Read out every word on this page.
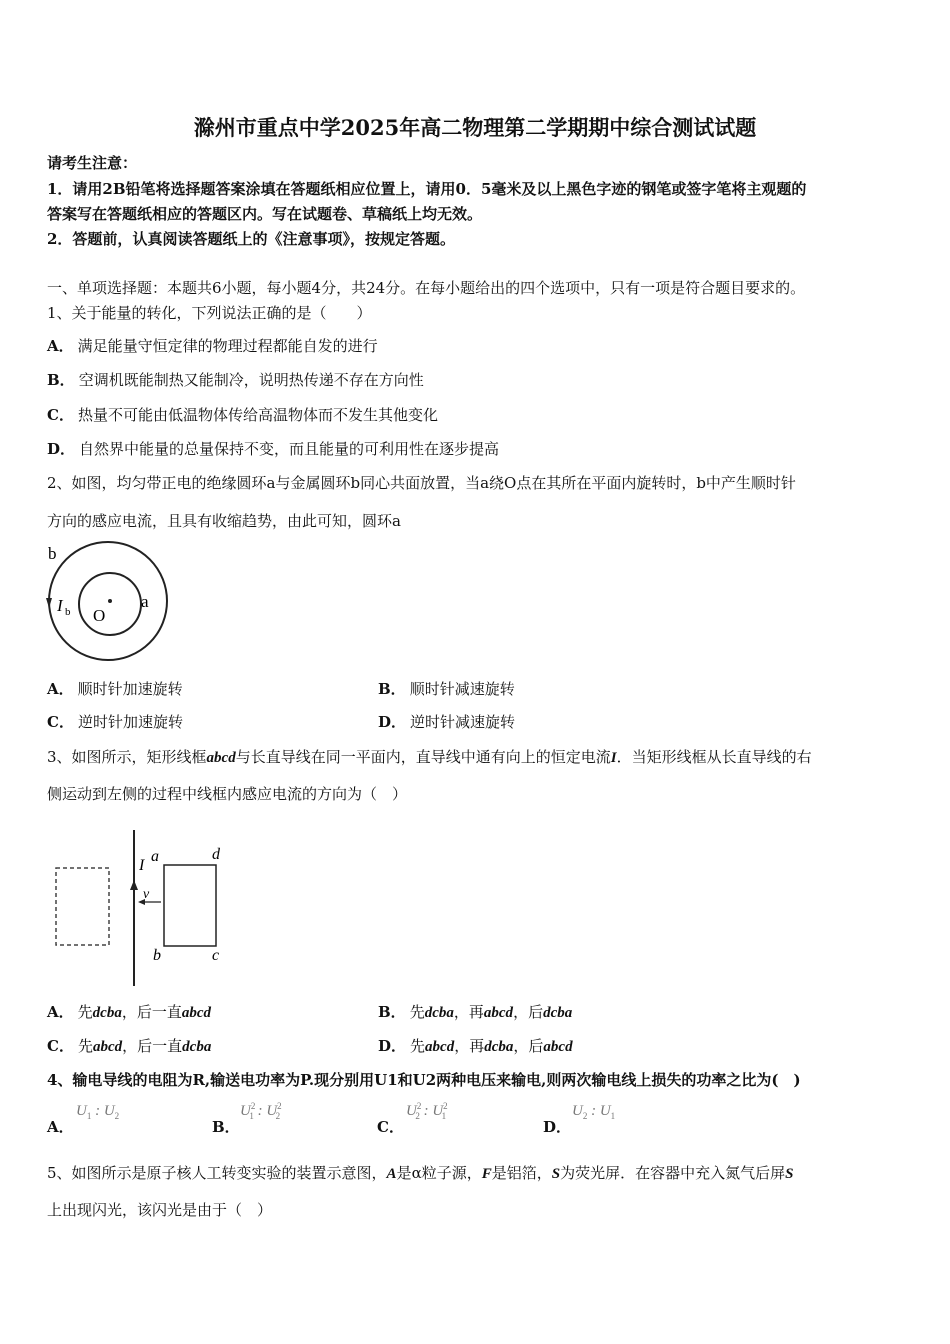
滁州市重点中学2025年高二物理第二学期期中综合测试试题
请考生注意：
1．请用2B铅笔将选择题答案涂填在答题纸相应位置上，请用0．5毫米及以上黑色字迹的钢笔或签字笔将主观题的
答案写在答题纸相应的答题区内。写在试题卷、草稿纸上均无效。
2．答题前，认真阅读答题纸上的《注意事项》，按规定答题。
一、单项选择题：本题共6小题，每小题4分，共24分。在每小题给出的四个选项中，只有一项是符合题目要求的。
1、关于能量的转化，下列说法正确的是（　　）
A． 满足能量守恒定律的物理过程都能自发的进行
B． 空调机既能制热又能制冷，说明热传递不存在方向性
C． 热量不可能由低温物体传给高温物体而不发生其他变化
D． 自然界中能量的总量保持不变，而且能量的可利用性在逐步提高
2、如图，均匀带正电的绝缘圆环a与金属圆环b同心共面放置，当a绕O点在其所在平面内旋转时，b中产生顺时针
方向的感应电流，且具有收缩趋势，由此可知，圆环a
b
a
O
I b
A． 顺时针加速旋转	B． 顺时针减速旋转
C． 逆时针加速旋转	D． 逆时针减速旋转
3、如图所示，矩形线框abcd与长直导线在同一平面内，直导线中通有向上的恒定电流I．当矩形线框从长直导线的右
侧运动到左侧的过程中线框内感应电流的方向为（　）
I
v
a	d
b	c
A． 先dcba，后一直abcd	B． 先dcba，再abcd，后dcba
C． 先abcd，后一直dcba	D． 先abcd，再dcba，后abcd
4、输电导线的电阻为R,输送电功率为P.现分别用U1和U2两种电压来输电,则两次输电线上损失的功率之比为(　)
A．
$U_1$ : $U_2$
B．
$U^2_1$ : $U^2_2$
C．
$U^2_2$ : $U^2_1$
D．
$U_2$ : $U_1$
5、如图所示是原子核人工转变实验的装置示意图，A是α粒子源，F是铝箔，S为荧光屏．在容器中充入氮气后屏S
上出现闪光，该闪光是由于（　）
